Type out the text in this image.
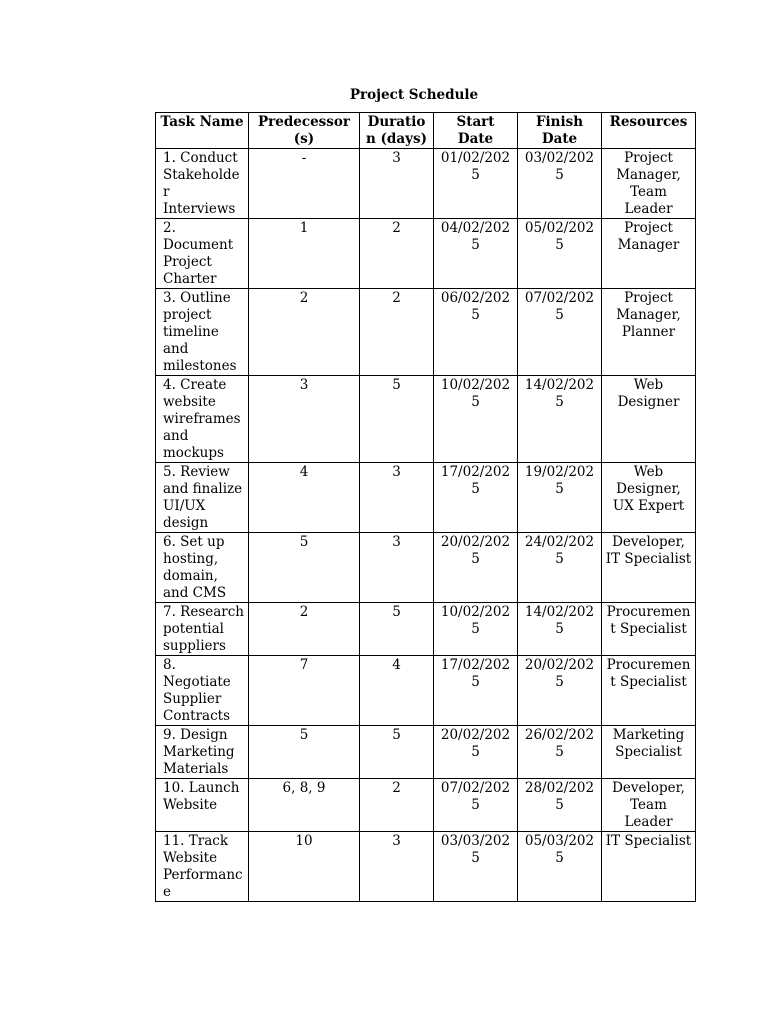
Project Schedule
Task Name	Predecessor(s)	Duration (days)	Start Date	Finish Date	Resources
1. Conduct Stakeholder Interviews	-	3	01/02/2025	03/02/2025	Project Manager, Team Leader
2. Document Project Charter	1	2	04/02/2025	05/02/2025	Project Manager
3. Outline project timeline and milestones	2	2	06/02/2025	07/02/2025	Project Manager, Planner
4. Create website wireframes and mockups	3	5	10/02/2025	14/02/2025	Web Designer
5. Review and finalize UI/UX design	4	3	17/02/2025	19/02/2025	Web Designer, UX Expert
6. Set up hosting, domain, and CMS	5	3	20/02/2025	24/02/2025	Developer, IT Specialist
7. Research potential suppliers	2	5	10/02/2025	14/02/2025	Procurement Specialist
8. Negotiate Supplier Contracts	7	4	17/02/2025	20/02/2025	Procurement Specialist
9. Design Marketing Materials	5	5	20/02/2025	26/02/2025	Marketing Specialist
10. Launch Website	6, 8, 9	2	07/02/2025	28/02/2025	Developer, Team Leader
11. Track Website Performance	10	3	03/03/2025	05/03/2025	IT Specialist
